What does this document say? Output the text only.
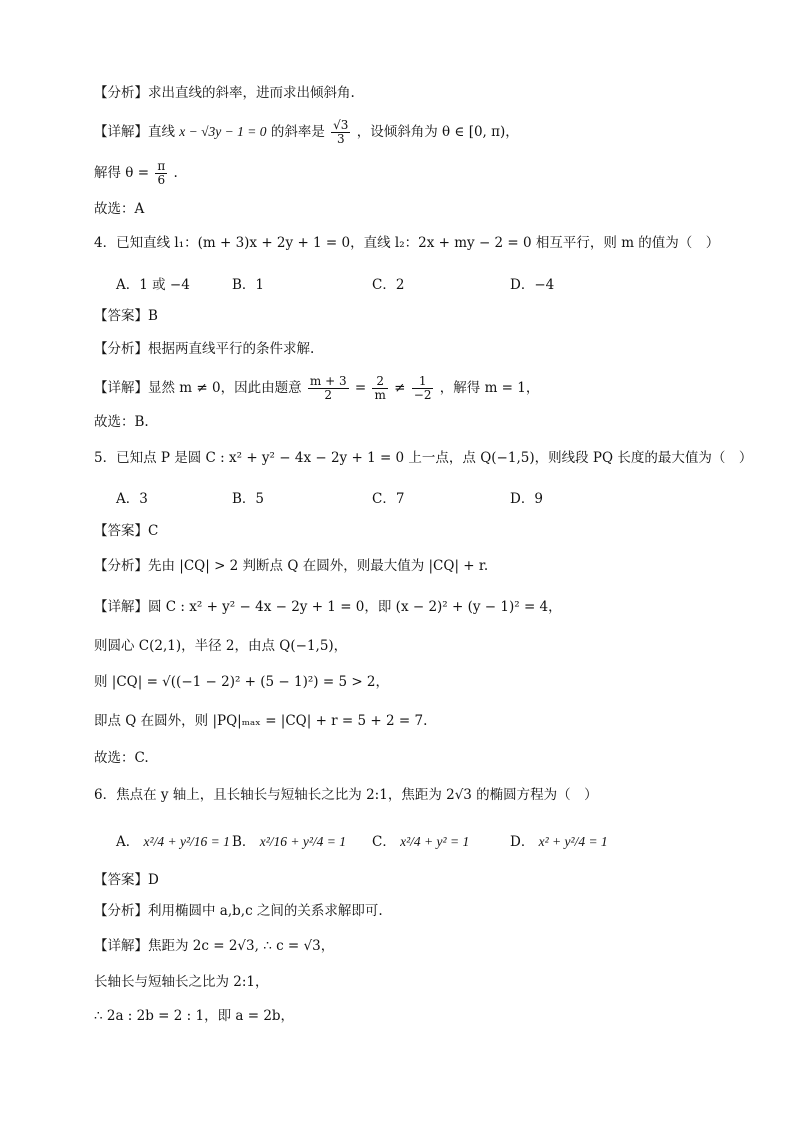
【分析】求出直线的斜率，进而求出倾斜角.
【详解】直线 x − √3y − 1 = 0 的斜率是 $\frac{√3}{3}$ ，设倾斜角为 θ ∈ [0, π)，
解得 $\theta = \frac{\pi}{6}$ .
故选：A
4．已知直线 l₁：(m + 3)x + 2y + 1 = 0，直线 l₂：2x + my − 2 = 0 相互平行，则 m 的值为（　）
A．1 或 −4	B．1	C．2	D．−4
【答案】B
【分析】根据两直线平行的条件求解.
【详解】显然 m ≠ 0，因此由题意 $\frac{m + 3}{2} = \frac{2}{m} \ne \frac{1}{-2}$ ，解得 m = 1，
故选：B.
5．已知点 P 是圆 C : x² + y² − 4x − 2y + 1 = 0 上一点，点 Q(−1,5)，则线段 PQ 长度的最大值为（　）
A．3	B．5	C．7	D．9
【答案】C
【分析】先由 |CQ| > 2 判断点 Q 在圆外，则最大值为 |CQ| + r.
【详解】圆 C : x² + y² − 4x − 2y + 1 = 0，即 (x − 2)² + (y − 1)² = 4，
则圆心 C(2,1)，半径 2，由点 Q(−1,5)，
则 |CQ| = √((−1 − 2)² + (5 − 1)²) = 5 > 2，
即点 Q 在圆外，则 |PQ|ₘₐₓ = |CQ| + r = 5 + 2 = 7.
故选：C.
6．焦点在 y 轴上，且长轴长与短轴长之比为 2:1，焦距为 2√3 的椭圆方程为（　）
A． x²/4 + y²/16 = 1 B． x²/16 + y²/4 = 1 C． x²/4 + y² = 1	D． x² + y²/4 = 1
【答案】D
【分析】利用椭圆中 a,b,c 之间的关系求解即可.
【详解】焦距为 2c = 2√3, ∴ c = √3，
长轴长与短轴长之比为 2:1，
∴ 2a : 2b = 2 : 1，即 a = 2b，
